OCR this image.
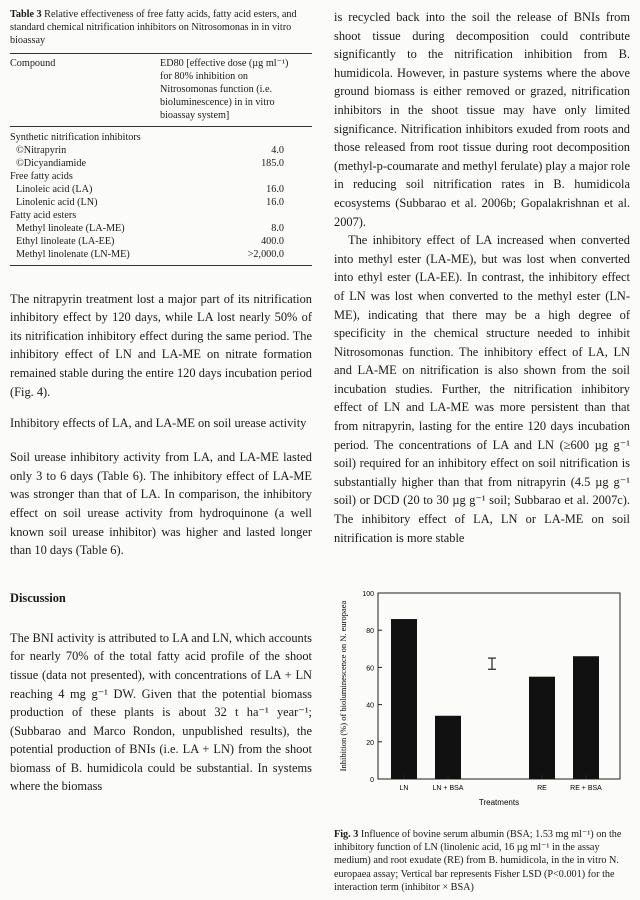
Table 3 Relative effectiveness of free fatty acids, fatty acid esters, and standard chemical nitrification inhibitors on Nitrosomonas in in vitro bioassay
Compound	ED80 [effective dose (µg ml⁻¹) for 80% inhibition on Nitrosomonas function (i.e. bioluminescence) in in vitro bioassay system]
Synthetic nitrification inhibitors	
©Nitrapyrin	4.0
©Dicyandiamide	185.0
Free fatty acids	
Linoleic acid (LA)	16.0
Linolenic acid (LN)	16.0
Fatty acid esters	
Methyl linoleate (LA-ME)	8.0
Ethyl linoleate (LA-EE)	400.0
Methyl linolenate (LN-ME)	>2,000.0

The nitrapyrin treatment lost a major part of its nitrification inhibitory effect by 120 days, while LA lost nearly 50% of its nitrification inhibitory effect during the same period. The inhibitory effect of LN and LA-ME on nitrate formation remained stable during the entire 120 days incubation period (Fig. 4).

Inhibitory effects of LA, and LA-ME on soil urease activity

Soil urease inhibitory activity from LA, and LA-ME lasted only 3 to 6 days (Table 6). The inhibitory effect of LA-ME was stronger than that of LA. In comparison, the inhibitory effect on soil urease activity from hydroquinone (a well known soil urease inhibitor) was higher and lasted longer than 10 days (Table 6).

Discussion

The BNI activity is attributed to LA and LN, which accounts for nearly 70% of the total fatty acid profile of the shoot tissue (data not presented), with concentrations of LA + LN reaching 4 mg g⁻¹ DW. Given that the potential biomass production of these plants is about 32 t ha⁻¹ year⁻¹; (Subbarao and Marco Rondon, unpublished results), the potential production of BNIs (i.e. LA + LN) from the shoot biomass of B. humidicola could be substantial. In systems where the biomass

is recycled back into the soil the release of BNIs from shoot tissue during decomposition could contribute significantly to the nitrification inhibition from B. humidicola. However, in pasture systems where the above ground biomass is either removed or grazed, nitrification inhibitors in the shoot tissue may have only limited significance. Nitrification inhibitors exuded from roots and those released from root tissue during root decomposition (methyl-p-coumarate and methyl ferulate) play a major role in reducing soil nitrification rates in B. humidicola ecosystems (Subbarao et al. 2006b; Gopalakrishnan et al. 2007).

The inhibitory effect of LA increased when converted into methyl ester (LA-ME), but was lost when converted into ethyl ester (LA-EE). In contrast, the inhibitory effect of LN was lost when converted to the methyl ester (LN-ME), indicating that there may be a high degree of specificity in the chemical structure needed to inhibit Nitrosomonas function. The inhibitory effect of LA, LN and LA-ME on nitrification is also shown from the soil incubation studies. Further, the nitrification inhibitory effect of LN and LA-ME was more persistent than that from nitrapyrin, lasting for the entire 120 days incubation period. The concentrations of LA and LN (≥600 µg g⁻¹ soil) required for an inhibitory effect on soil nitrification is substantially higher than that from nitrapyrin (4.5 µg g⁻¹ soil) or DCD (20 to 30 µg g⁻¹ soil; Subbarao et al. 2007c). The inhibitory effect of LA, LN or LA-ME on soil nitrification is more stable

0
20
40
60
80
100
LN	LN + BSA	RE	RE + BSA
Treatments
Inhibition (%) of bioluminescence on N. europaea
Fig. 3 Influence of bovine serum albumin (BSA; 1.53 mg ml⁻¹) on the inhibitory function of LN (linolenic acid, 16 µg ml⁻¹ in the assay medium) and root exudate (RE) from B. humidicola, in the in vitro N. europaea assay; Vertical bar represents Fisher LSD (P<0.001) for the interaction term (inhibitor × BSA)
